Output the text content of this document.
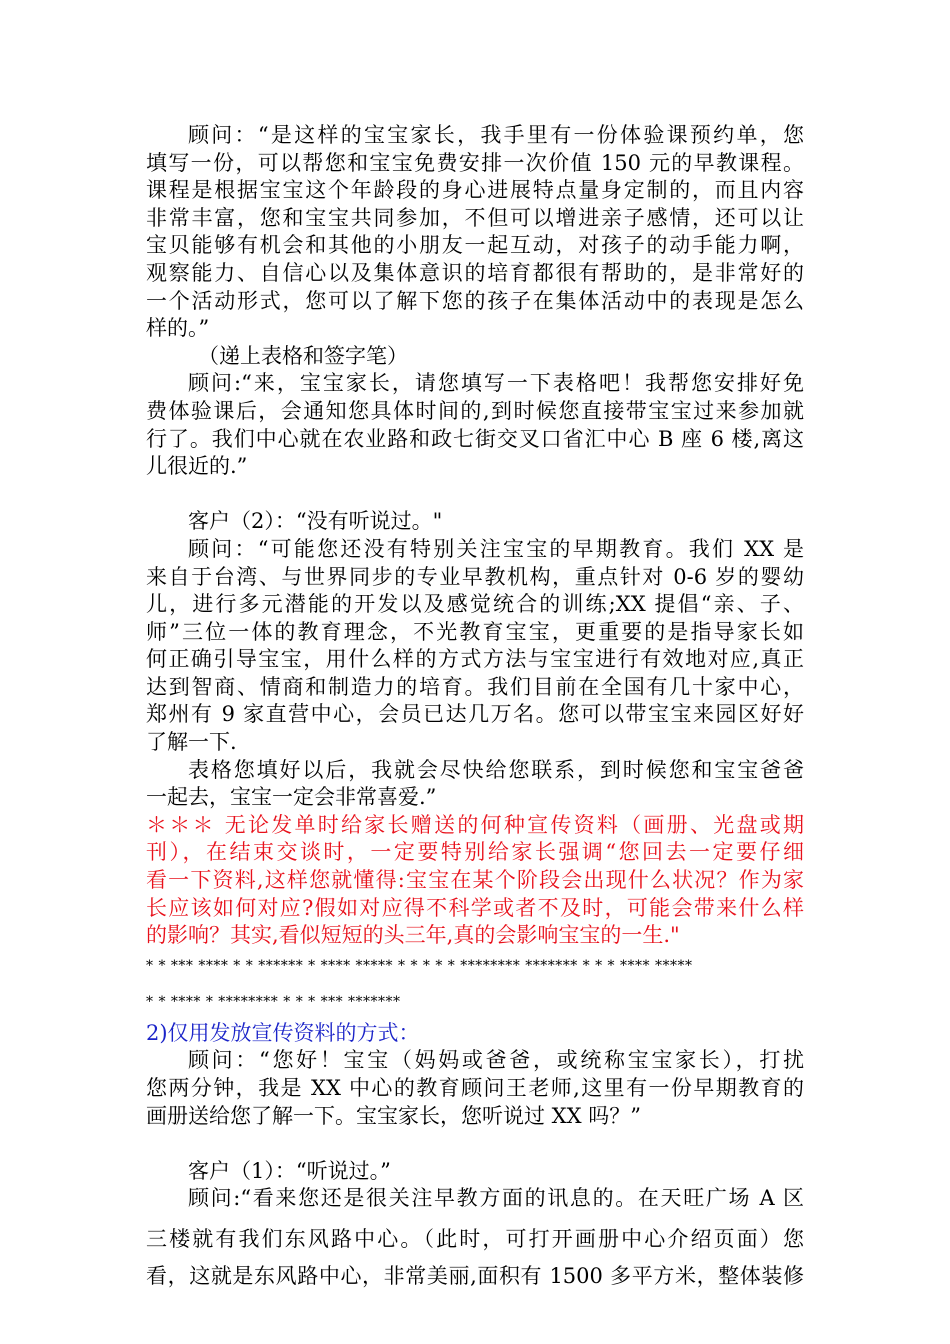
顾问：“是这样的宝宝家长，我手里有一份体验课预约单，您
填写一份，可以帮您和宝宝免费安排一次价值 150 元的早教课程。
课程是根据宝宝这个年龄段的身心进展特点量身定制的，而且内容
非常丰富，您和宝宝共同参加，不但可以增进亲子感情，还可以让
宝贝能够有机会和其他的小朋友一起互动，对孩子的动手能力啊，
观察能力、自信心以及集体意识的培育都很有帮助的，是非常好的
一个活动形式，您可以了解下您的孩子在集体活动中的表现是怎么
样的。”
（递上表格和签字笔）
顾问:“来，宝宝家长，请您填写一下表格吧！我帮您安排好免
费体验课后，会通知您具体时间的,到时候您直接带宝宝过来参加就
行了。我们中心就在农业路和政七街交叉口省汇中心 B 座 6 楼,离这
儿很近的.”
客户（2）：“没有听说过。"
顾问：“可能您还没有特别关注宝宝的早期教育。我们 XX 是
来自于台湾、与世界同步的专业早教机构，重点针对 0-6 岁的婴幼
儿，进行多元潜能的开发以及感觉统合的训练;XX 提倡“亲、子、
师”三位一体的教育理念，不光教育宝宝，更重要的是指导家长如
何正确引导宝宝，用什么样的方式方法与宝宝进行有效地对应,真正
达到智商、情商和制造力的培育。我们目前在全国有几十家中心，
郑州有 9 家直营中心，会员已达几万名。您可以带宝宝来园区好好
了解一下.
表格您填好以后，我就会尽快给您联系，到时候您和宝宝爸爸
一起去，宝宝一定会非常喜爱.”
＊＊＊ 无论发单时给家长赠送的何种宣传资料（画册、光盘或期
刊），在结束交谈时，一定要特别给家长强调“您回去一定要仔细
看一下资料,这样您就懂得:宝宝在某个阶段会出现什么状况？作为家
长应该如何对应?假如对应得不科学或者不及时，可能会带来什么样
的影响？其实,看似短短的头三年,真的会影响宝宝的一生."
* * *** **** * * ****** * **** ***** * * * * * ******** ******* * * * **** *****
* * **** * ******** * * * *** *******
2)仅用发放宣传资料的方式：
顾问：“您好！宝宝（妈妈或爸爸，或统称宝宝家长），打扰
您两分钟，我是 XX 中心的教育顾问王老师,这里有一份早期教育的
画册送给您了解一下。宝宝家长，您听说过 XX 吗？”
客户（1）：“听说过。”
顾问:“看来您还是很关注早教方面的讯息的。在天旺广场 A 区
三楼就有我们东风路中心。（此时，可打开画册中心介绍页面）您
看，这就是东风路中心，非常美丽,面积有 1500 多平方米，整体装修
